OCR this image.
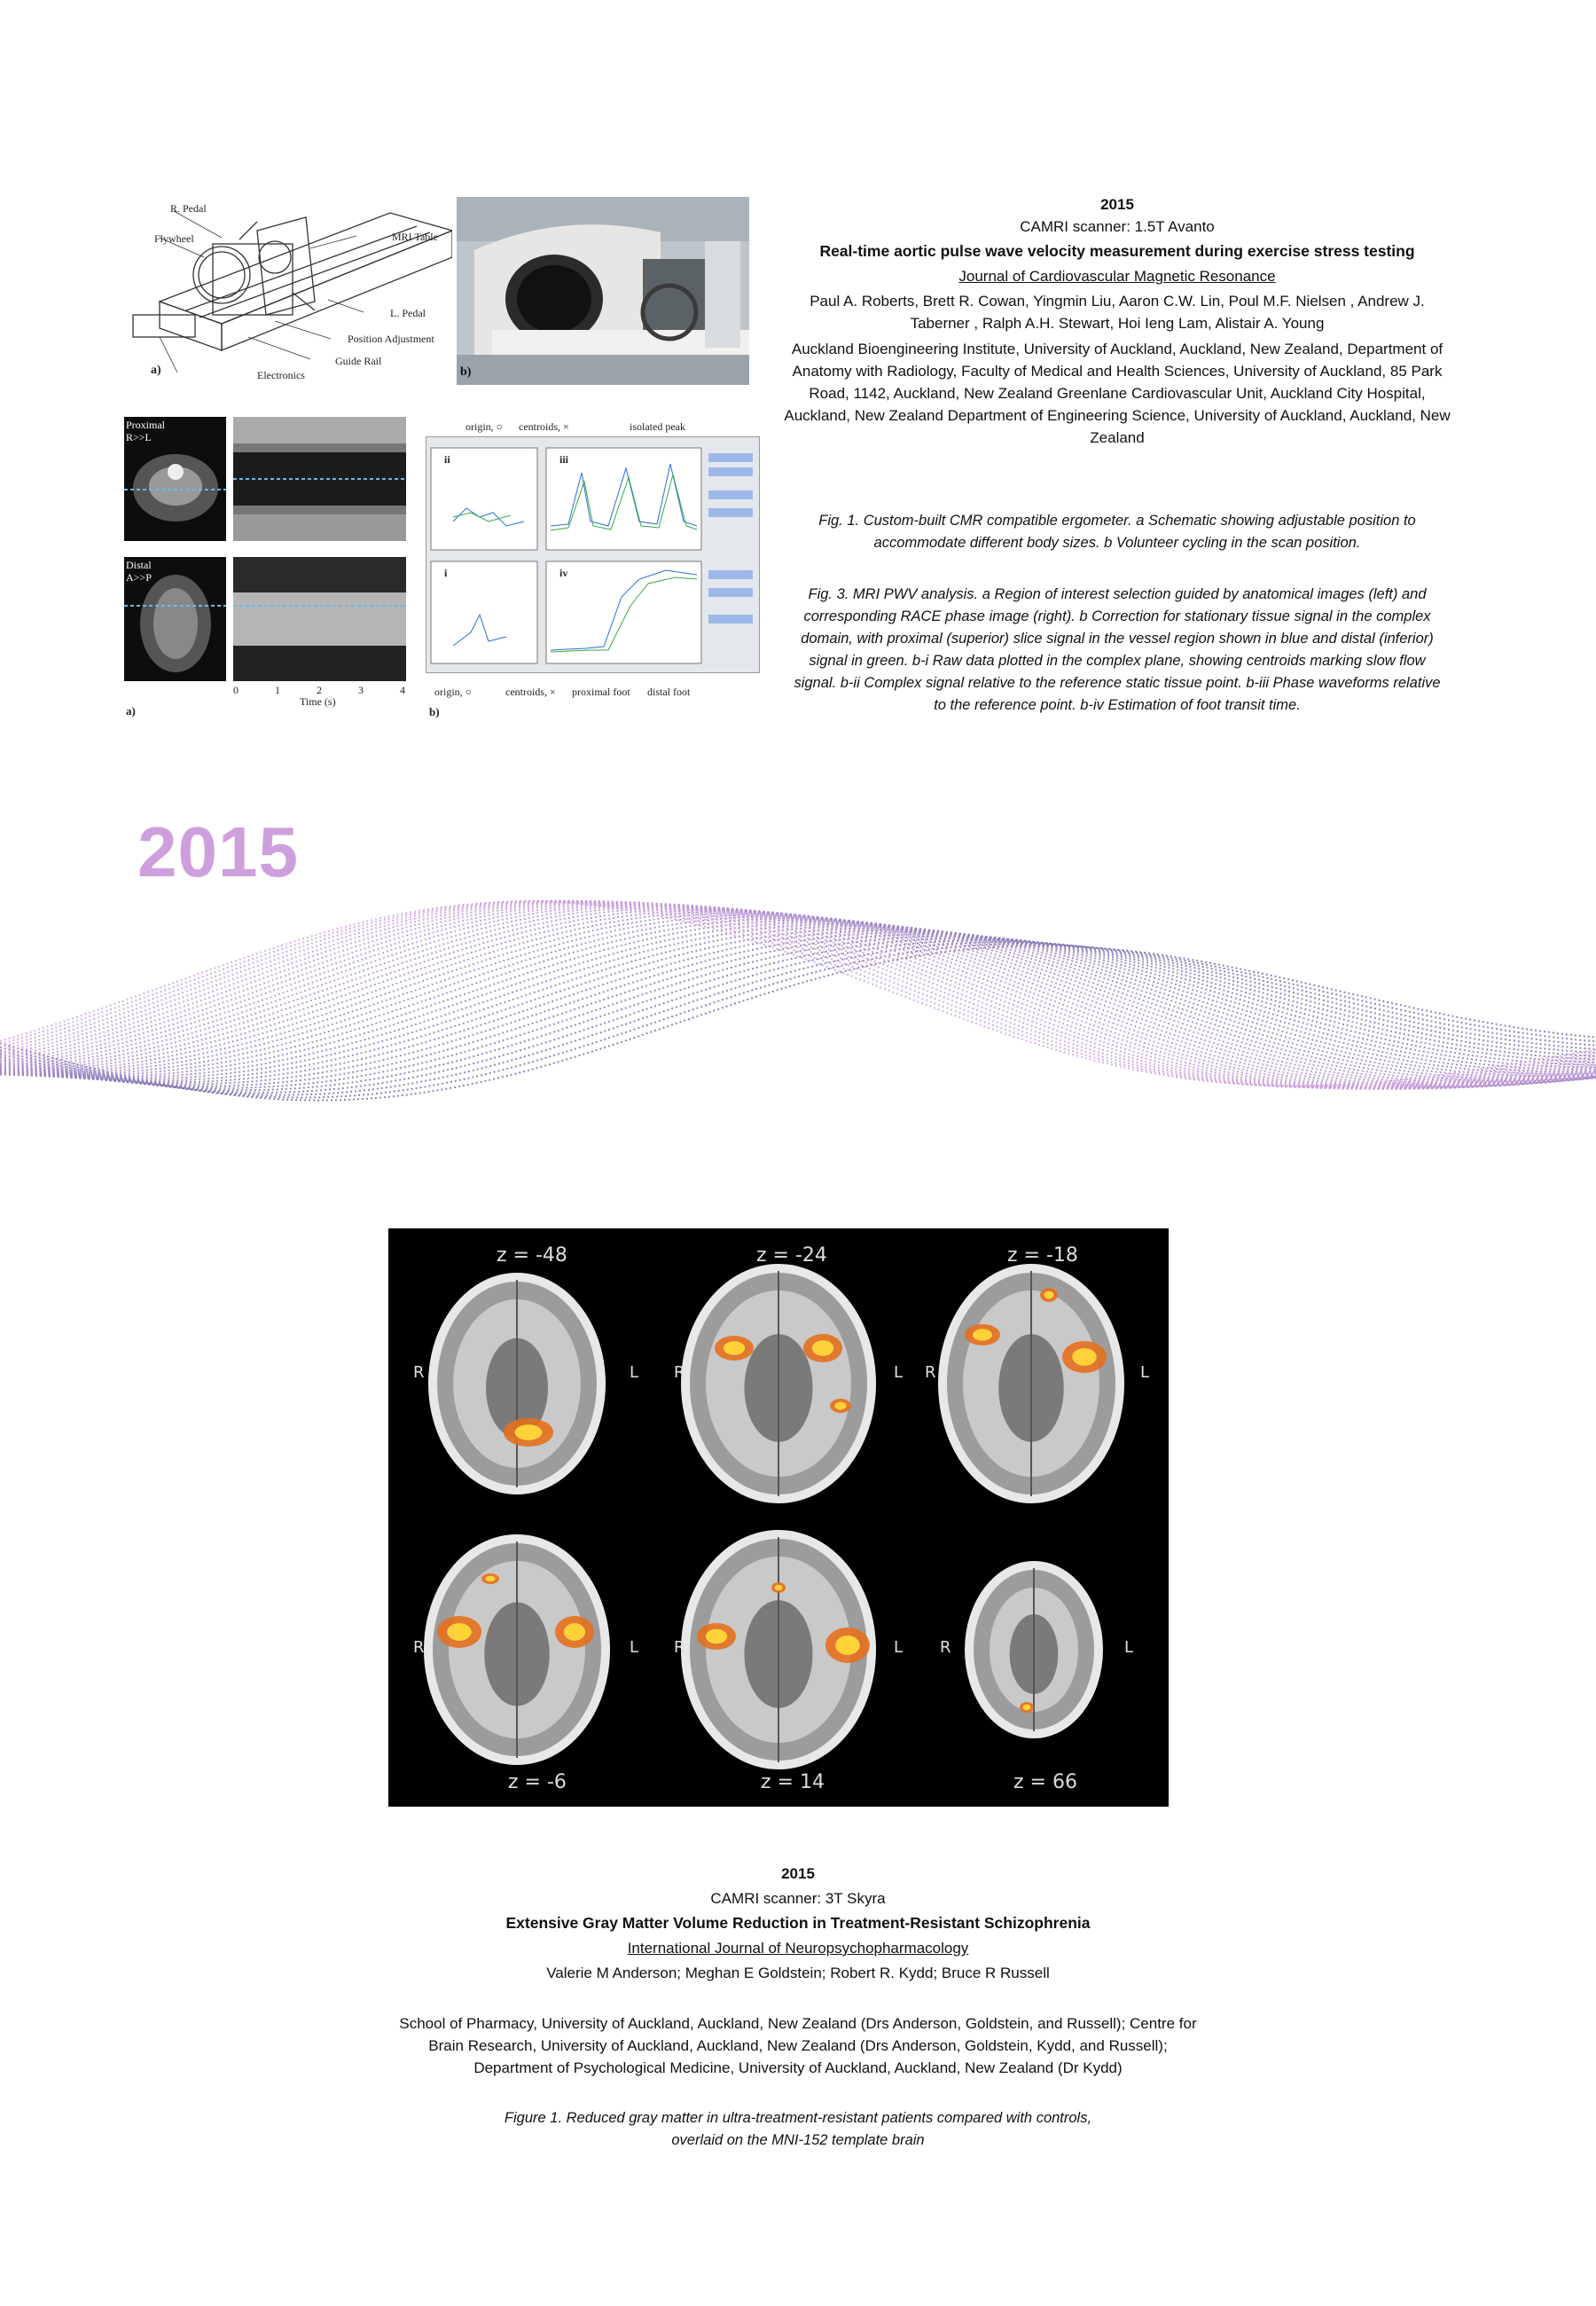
R. Pedal
Flywheel	MRI Table
L. Pedal
Position Adjustment
Guide Rail
Electronics
a)	b)
Proximal
R>>L
Distal
A>>P
0	1	2	3	4
Time (s)
a)
origin, ○ centroids, ×	isolated peak
ii	iii
i	iv
origin, ○	centroids, × proximal foot distal foot
b)
2015
CAMRI scanner: 1.5T Avanto
Real-time aortic pulse wave velocity measurement during exercise stress testing
Journal of Cardiovascular Magnetic Resonance
Paul A. Roberts, Brett R. Cowan, Yingmin Liu, Aaron C.W. Lin, Poul M.F. Nielsen , Andrew J. Taberner , Ralph A.H. Stewart, Hoi Ieng Lam, Alistair A. Young
Auckland Bioengineering Institute, University of Auckland, Auckland, New Zealand, Department of Anatomy with Radiology, Faculty of Medical and Health Sciences, University of Auckland, 85 Park Road, 1142, Auckland, New Zealand Greenlane Cardiovascular Unit, Auckland City Hospital, Auckland, New Zealand Department of Engineering Science, University of Auckland, Auckland, New Zealand
Fig. 1. Custom-built CMR compatible ergometer. a Schematic showing adjustable position to accommodate different body sizes. b Volunteer cycling in the scan position.
Fig. 3. MRI PWV analysis. a Region of interest selection guided by anatomical images (left) and corresponding RACE phase image (right). b Correction for stationary tissue signal in the complex domain, with proximal (superior) slice signal in the vessel region shown in blue and distal (inferior) signal in green. b-i Raw data plotted in the complex plane, showing centroids marking slow flow signal. b-ii Complex signal relative to the reference static tissue point. b-iii Phase waveforms relative to the reference point. b-iv Estimation of foot transit time.
2015
z = -48	z = -24	z = -18
z = -6	z = 14	z = 66
R	L R	L R	L
R	L R	L R	L
2015
CAMRI scanner: 3T Skyra
Extensive Gray Matter Volume Reduction in Treatment-Resistant Schizophrenia
International Journal of Neuropsychopharmacology
Valerie M Anderson; Meghan E Goldstein; Robert R. Kydd; Bruce R Russell
School of Pharmacy, University of Auckland, Auckland, New Zealand (Drs Anderson, Goldstein, and Russell); Centre for Brain Research, University of Auckland, Auckland, New Zealand (Drs Anderson, Goldstein, Kydd, and Russell); Department of Psychological Medicine, University of Auckland, Auckland, New Zealand (Dr Kydd)
Figure 1. Reduced gray matter in ultra-treatment-resistant patients compared with controls, overlaid on the MNI-152 template brain
